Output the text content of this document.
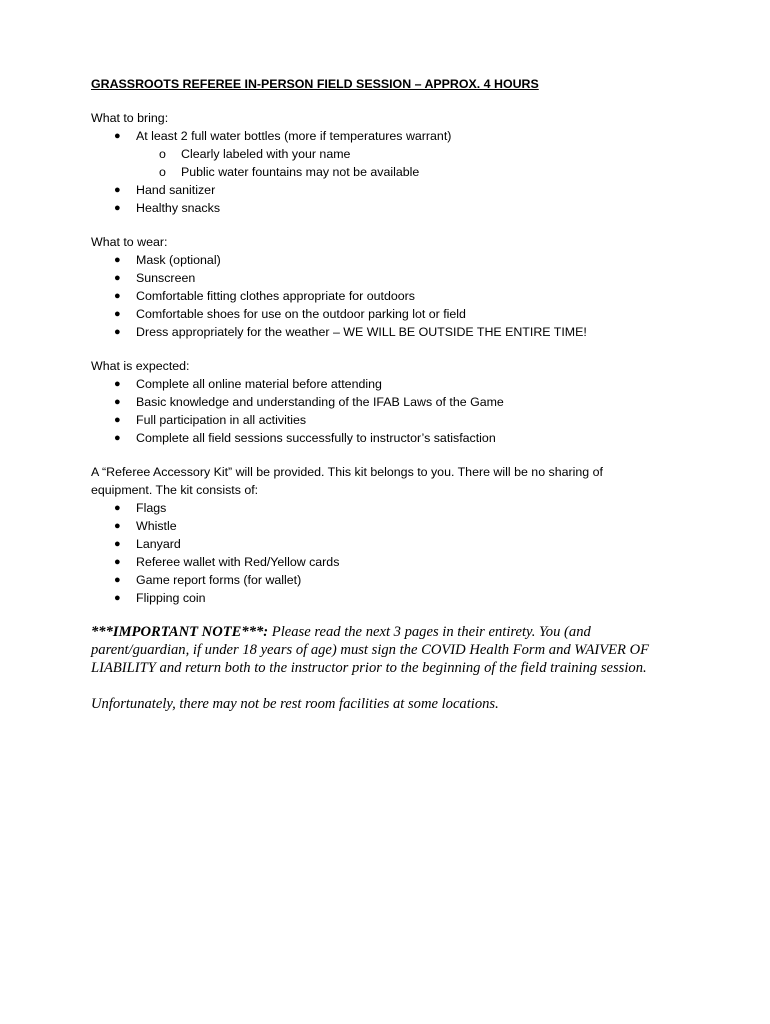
GRASSROOTS REFEREE IN-PERSON FIELD SESSION – APPROX. 4 HOURS

What to bring:

● At least 2 full water bottles (more if temperatures warrant)
o Clearly labeled with your name
o Public water fountains may not be available
● Hand sanitizer
● Healthy snacks

What to wear:

● Mask (optional)
● Sunscreen
● Comfortable fitting clothes appropriate for outdoors
● Comfortable shoes for use on the outdoor parking lot or field
● Dress appropriately for the weather – WE WILL BE OUTSIDE THE ENTIRE TIME!

What is expected:

● Complete all online material before attending
● Basic knowledge and understanding of the IFAB Laws of the Game
● Full participation in all activities
● Complete all field sessions successfully to instructor’s satisfaction

A “Referee Accessory Kit” will be provided. This kit belongs to you. There will be no sharing of equipment. The kit consists of:

● Flags
● Whistle
● Lanyard
● Referee wallet with Red/Yellow cards
● Game report forms (for wallet)
● Flipping coin

***IMPORTANT NOTE***: Please read the next 3 pages in their entirety. You (and parent/guardian, if under 18 years of age) must sign the COVID Health Form and WAIVER OF LIABILITY and return both to the instructor prior to the beginning of the field training session.

Unfortunately, there may not be rest room facilities at some locations.
